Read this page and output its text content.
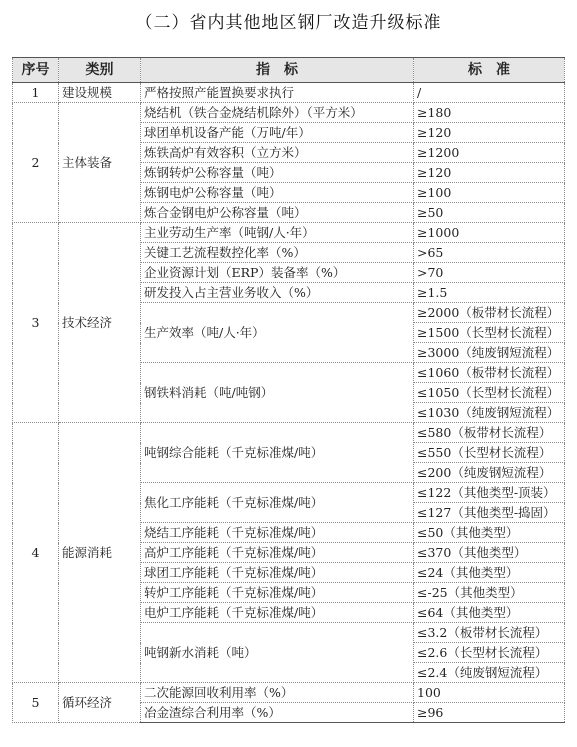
（二）省内其他地区钢厂改造升级标准
序号	类别	指　标	标　准
1	建设规模	严格按照产能置换要求执行	/
2	主体装备	烧结机（铁合金烧结机除外）（平方米）	≥180
		球团单机设备产能（万吨/年）	≥120
		炼铁高炉有效容积（立方米）	≥1200
		炼钢转炉公称容量（吨）	≥120
		炼钢电炉公称容量（吨）	≥100
		炼合金钢电炉公称容量（吨）	≥50
3	技术经济	主业劳动生产率（吨钢/人·年）	≥1000
		关键工艺流程数控化率（%）	>65
		企业资源计划（ERP）装备率（%）	>70
		研发投入占主营业务收入（%）	≥1.5
		生产效率（吨/人·年）	≥2000（板带材长流程）
			≥1500（长型材长流程）
			≥3000（纯废钢短流程）
		钢铁料消耗（吨/吨钢）	≤1060（板带材长流程）
			≤1050（长型材长流程）
			≤1030（纯废钢短流程）
4	能源消耗	吨钢综合能耗（千克标准煤/吨）	≤580（板带材长流程）
			≤550（长型材长流程）
			≤200（纯废钢短流程）
		焦化工序能耗（千克标准煤/吨）	≤122（其他类型-顶装）
			≤127（其他类型-捣固）
		烧结工序能耗（千克标准煤/吨）	≤50（其他类型）
		高炉工序能耗（千克标准煤/吨）	≤370（其他类型）
		球团工序能耗（千克标准煤/吨）	≤24（其他类型）
		转炉工序能耗（千克标准煤/吨）	≤-25（其他类型）
		电炉工序能耗（千克标准煤/吨）	≤64（其他类型）
		吨钢新水消耗（吨）	≤3.2（板带材长流程）
			≤2.6（长型材长流程）
			≤2.4（纯废钢短流程）
5	循环经济	二次能源回收利用率（%）	100
		冶金渣综合利用率（%）	≥96
